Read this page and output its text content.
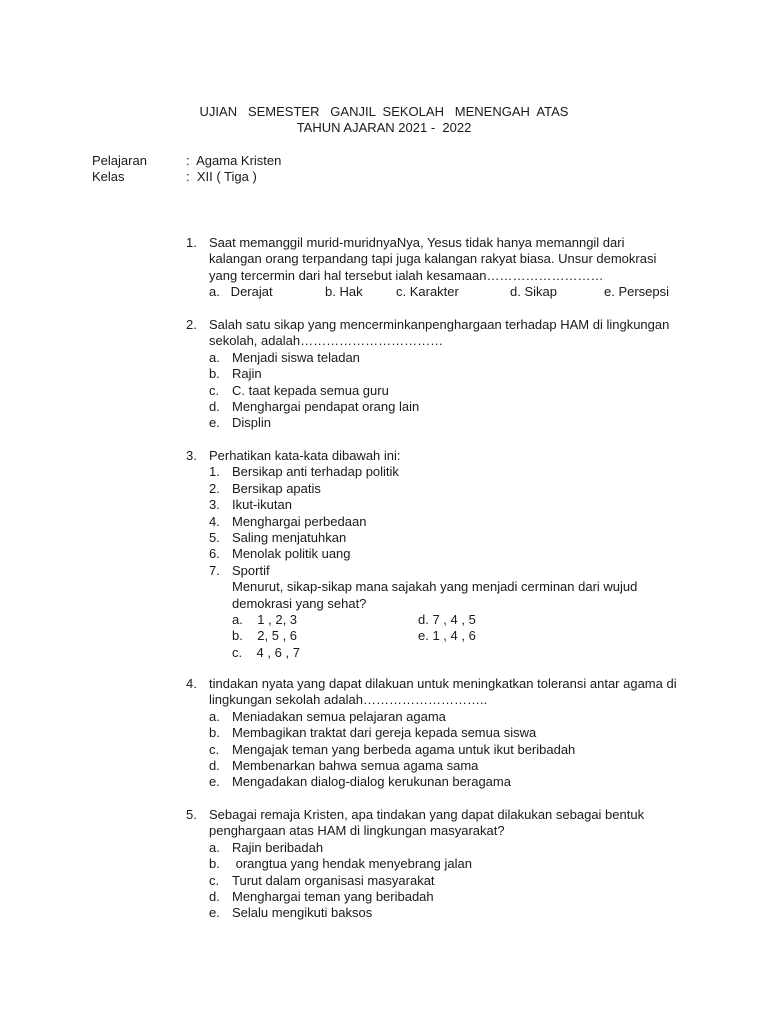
UJIAN   SEMESTER   GANJIL  SEKOLAH   MENENGAH  ATAS
TAHUN AJARAN 2021 -  2022
Pelajaran	:  Agama Kristen
Kelas	:  XII ( Tiga )
1. Saat memanggil murid-muridnyaNya, Yesus tidak hanya memanngil dari kalangan orang terpandang tapi juga kalangan rakyat biasa. Unsur demokrasi yang tercermin dari hal tersebut ialah kesamaan………………………
a.   Derajat	b. Hak	c. Karakter	d. Sikap	e. Persepsi
2. Salah satu sikap yang mencerminkanpenghargaan terhadap HAM di lingkungan sekolah, adalah……………………………
a. Menjadi siswa teladan
b. Rajin
c. C. taat kepada semua guru
d. Menghargai pendapat orang lain
e. Displin
3. Perhatikan kata-kata dibawah ini:
1. Bersikap anti terhadap politik
2. Bersikap apatis
3. Ikut-ikutan
4. Menghargai perbedaan
5. Saling menjatuhkan
6. Menolak politik uang
7. Sportif
Menurut, sikap-sikap mana sajakah yang menjadi cerminan dari wujud demokrasi yang sehat?
a.    1 , 2, 3	d. 7 , 4 , 5
b.    2, 5 , 6	e. 1 , 4 , 6
c.    4 , 6 , 7
4. tindakan nyata yang dapat dilakuan untuk meningkatkan toleransi antar agama di lingkungan sekolah adalah………………………..
a. Meniadakan semua pelajaran agama
b. Membagikan traktat dari gereja kepada semua siswa
c. Mengajak teman yang berbeda agama untuk ikut beribadah
d. Membenarkan bahwa semua agama sama
e. Mengadakan dialog-dialog kerukunan beragama
5. Sebagai remaja Kristen, apa tindakan yang dapat dilakukan sebagai bentuk penghargaan atas HAM di lingkungan masyarakat?
a. Rajin beribadah
b. orangtua yang hendak menyebrang jalan
c. Turut dalam organisasi masyarakat
d. Menghargai teman yang beribadah
e. Selalu mengikuti baksos
